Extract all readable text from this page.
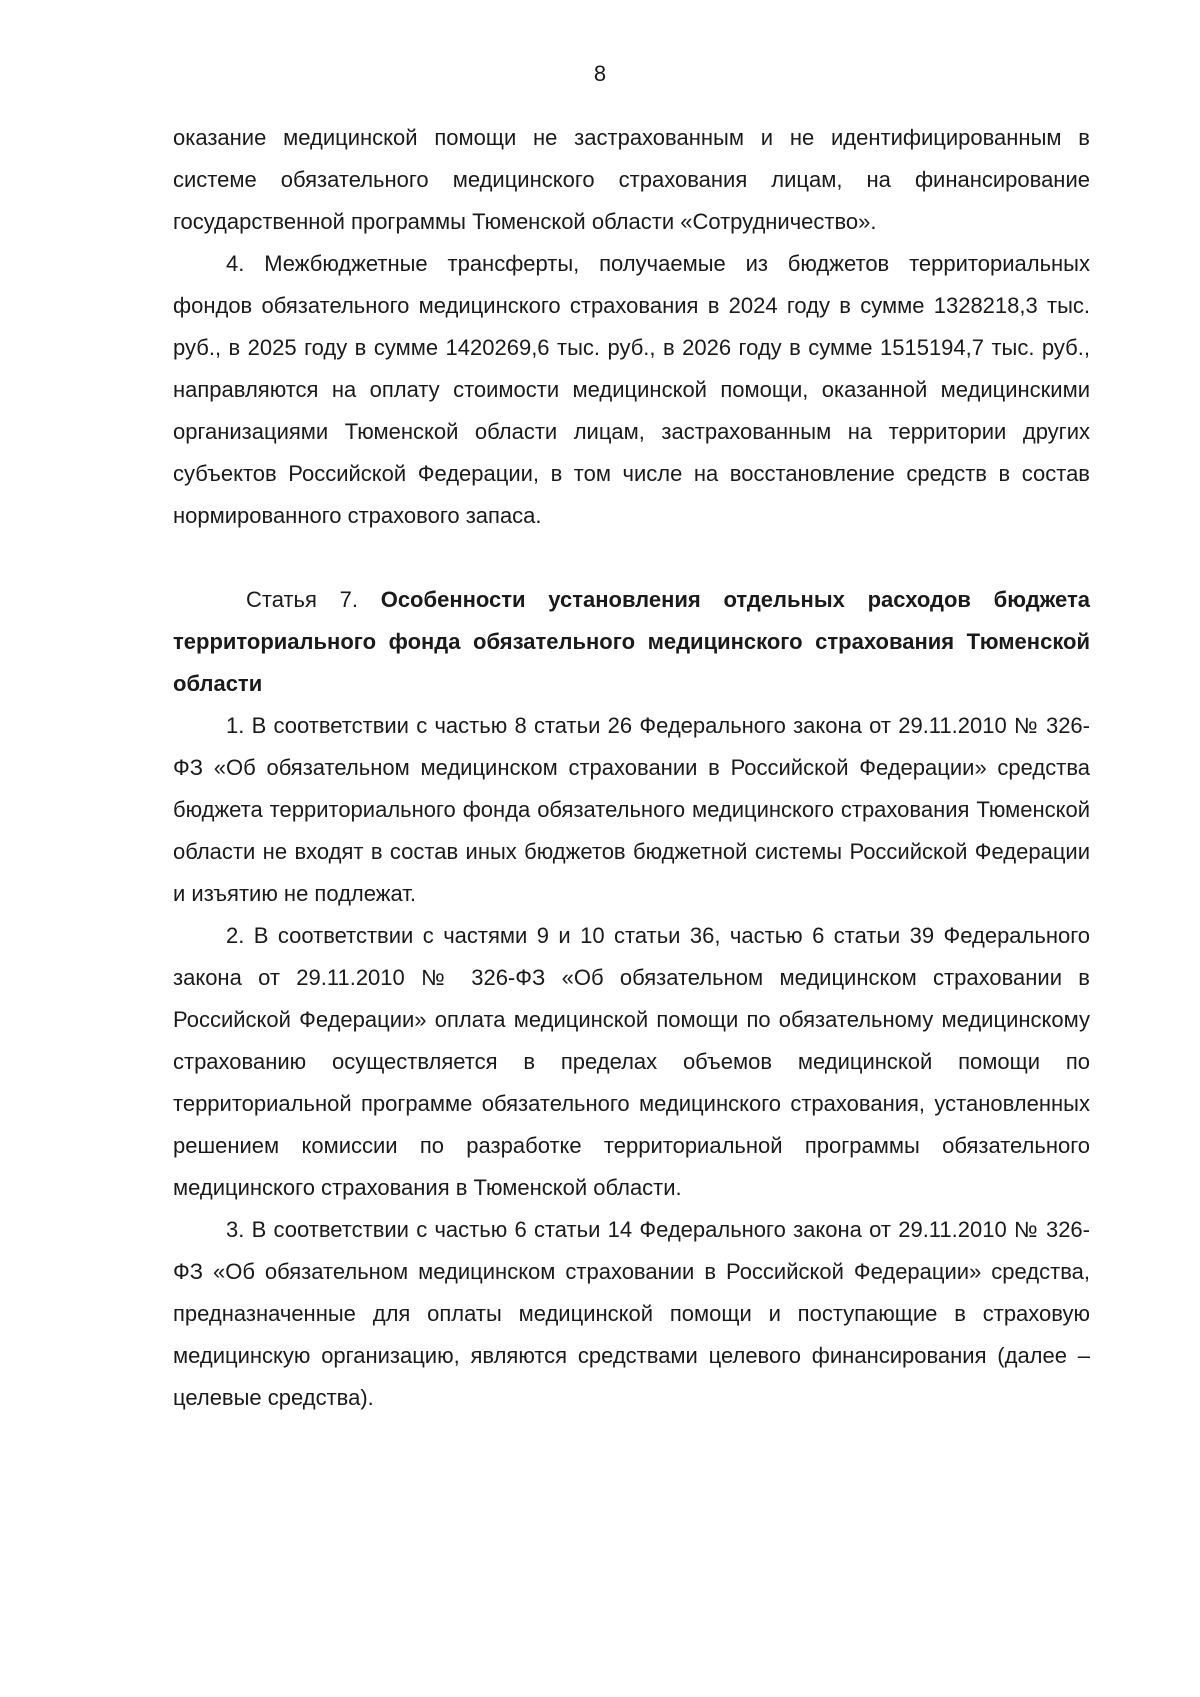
8

оказание медицинской помощи не застрахованным и не идентифицированным в системе обязательного медицинского страхования лицам, на финансирование государственной программы Тюменской области «Сотрудничество».

4. Межбюджетные трансферты, получаемые из бюджетов территориальных фондов обязательного медицинского страхования в 2024 году в сумме 1328218,3 тыс. руб., в 2025 году в сумме 1420269,6 тыс. руб., в 2026 году в сумме 1515194,7 тыс. руб., направляются на оплату стоимости медицинской помощи, оказанной медицинскими организациями Тюменской области лицам, застрахованным на территории других субъектов Российской Федерации, в том числе на восстановление средств в состав нормированного страхового запаса.

Статья 7. Особенности установления отдельных расходов бюджета территориального фонда обязательного медицинского страхования Тюменской области

1. В соответствии с частью 8 статьи 26 Федерального закона от 29.11.2010 № 326-ФЗ «Об обязательном медицинском страховании в Российской Федерации» средства бюджета территориального фонда обязательного медицинского страхования Тюменской области не входят в состав иных бюджетов бюджетной системы Российской Федерации и изъятию не подлежат.

2. В соответствии с частями 9 и 10 статьи 36, частью 6 статьи 39 Федерального закона от 29.11.2010 № 326-ФЗ «Об обязательном медицинском страховании в Российской Федерации» оплата медицинской помощи по обязательному медицинскому страхованию осуществляется в пределах объемов медицинской помощи по территориальной программе обязательного медицинского страхования, установленных решением комиссии по разработке территориальной программы обязательного медицинского страхования в Тюменской области.

3. В соответствии с частью 6 статьи 14 Федерального закона от 29.11.2010 № 326-ФЗ «Об обязательном медицинском страховании в Российской Федерации» средства, предназначенные для оплаты медицинской помощи и поступающие в страховую медицинскую организацию, являются средствами целевого финансирования (далее – целевые средства).
